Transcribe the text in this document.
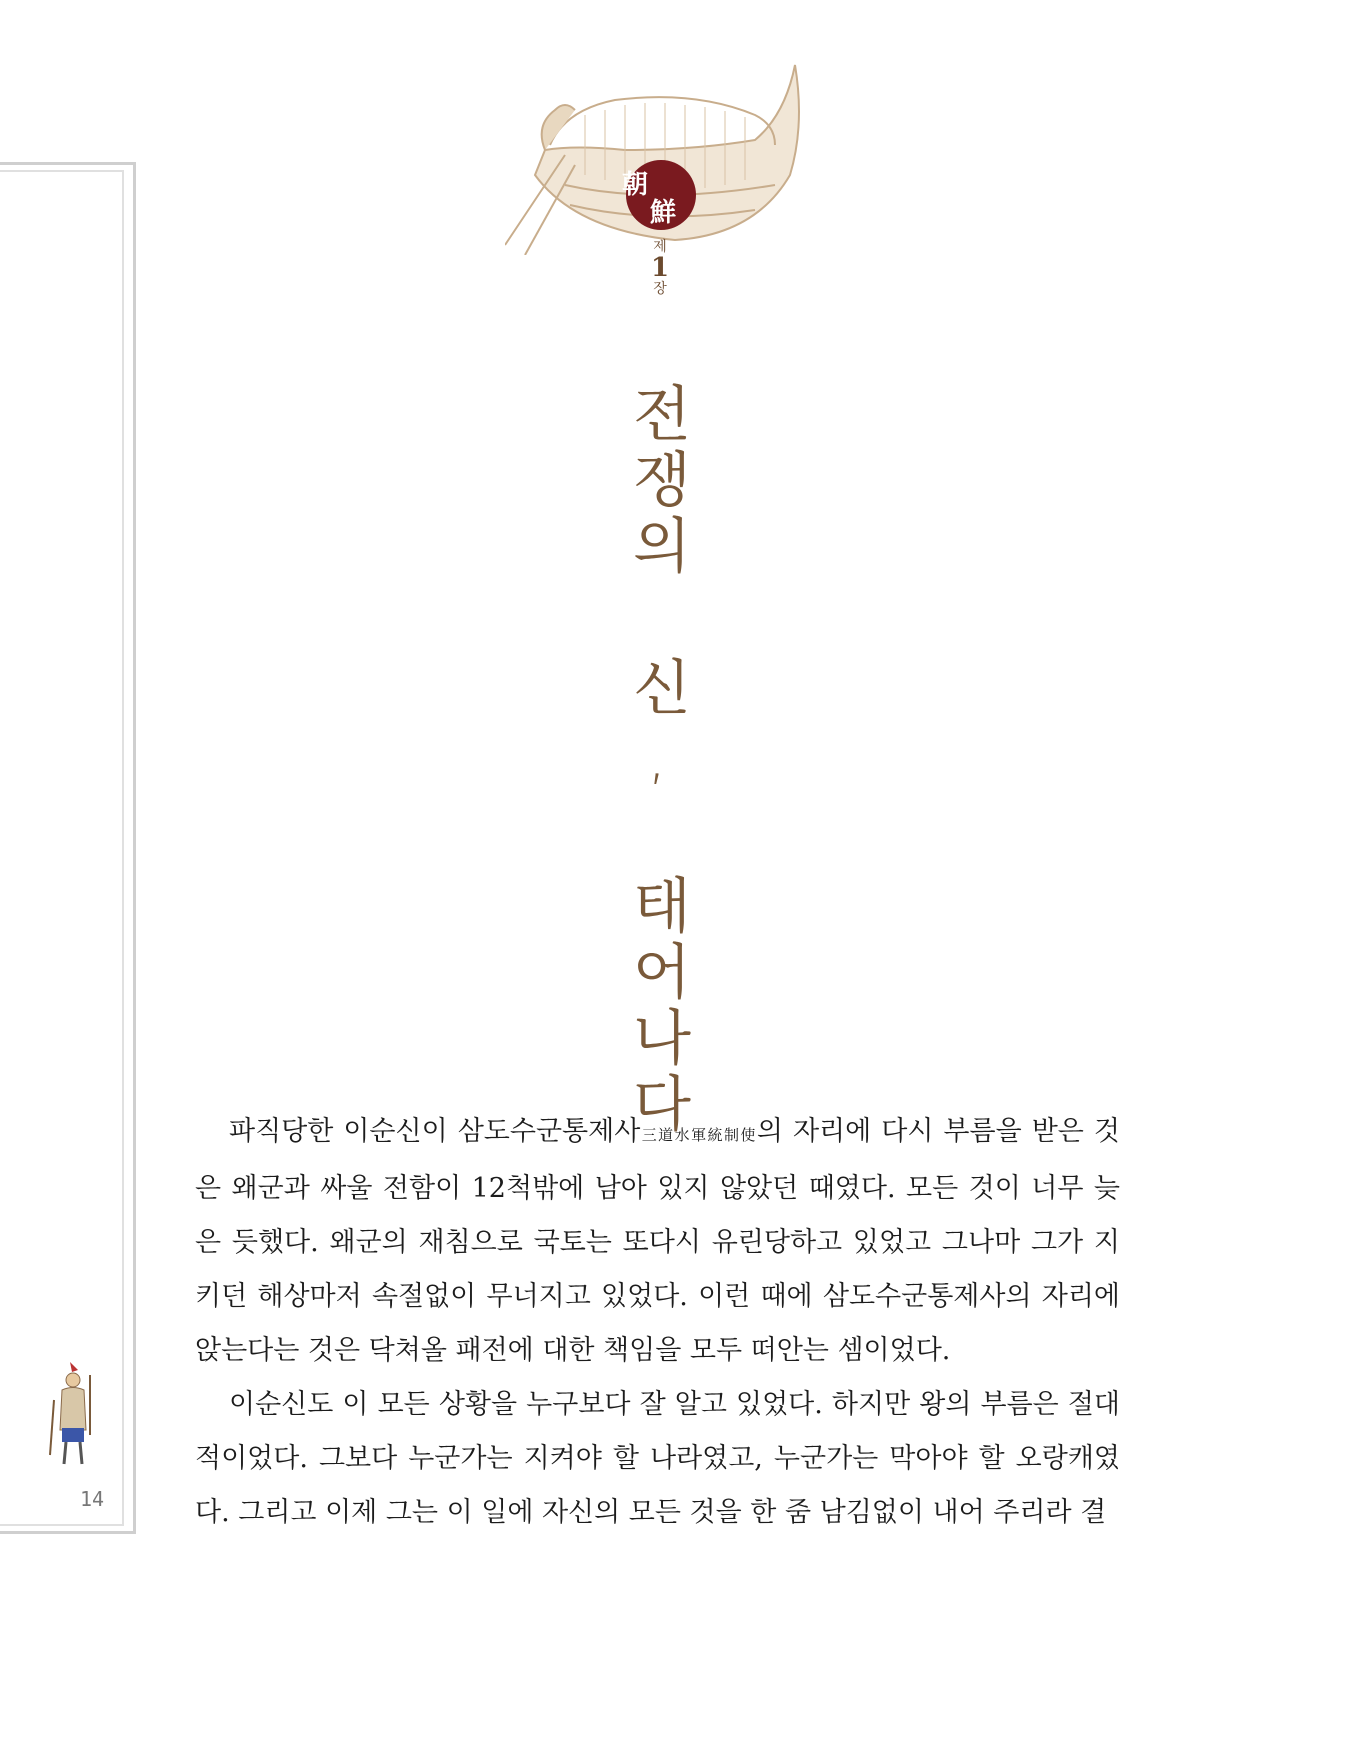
朝
鮮
제
1
장
전쟁의 신, 태어나다

파직당한 이순신이 삼도수군통제사三道水軍統制使의 자리에 다시 부름을 받은 것은 왜군과 싸울 전함이 12척밖에 남아 있지 않았던 때였다. 모든 것이 너무 늦은 듯했다. 왜군의 재침으로 국토는 또다시 유린당하고 있었고 그나마 그가 지키던 해상마저 속절없이 무너지고 있었다. 이런 때에 삼도수군통제사의 자리에 앉는다는 것은 닥쳐올 패전에 대한 책임을 모두 떠안는 셈이었다.

이순신도 이 모든 상황을 누구보다 잘 알고 있었다. 하지만 왕의 부름은 절대적이었다. 그보다 누군가는 지켜야 할 나라였고, 누군가는 막아야 할 오랑캐였다. 그리고 이제 그는 이 일에 자신의 모든 것을 한 줌 남김없이 내어 주리라 결

14
